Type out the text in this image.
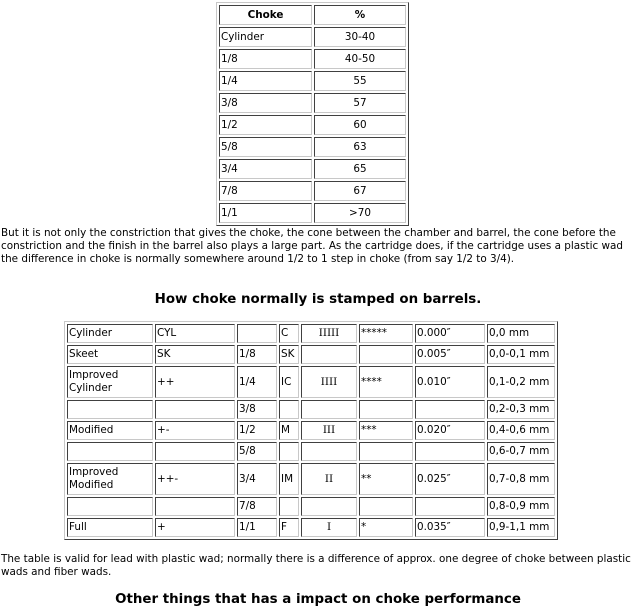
Choke	%
Cylinder	30-40
1/8	40-50
1/4	55
3/8	57
1/2	60
5/8	63
3/4	65
7/8	67
1/1	>70

But it is not only the constriction that gives the choke, the cone between the chamber and barrel, the cone before the constriction and the finish in the barrel also plays a large part. As the cartridge does, if the cartridge uses a plastic wad the difference in choke is normally somewhere around 1/2 to 1 step in choke (from say 1/2 to 3/4).

How choke normally is stamped on barrels.
Cylinder	CYL		C	IIIII	*****	0.000″	0,0 mm
Skeet	SK	1/8	SK			0.005″	0,0-0,1 mm
Improved Cylinder	++	1/4	IC	IIII	****	0.010″	0,1-0,2 mm
		3/8					0,2-0,3 mm
Modified	+-	1/2	M	III	***	0.020″	0,4-0,6 mm
		5/8					0,6-0,7 mm
Improved Modified	++-	3/4	IM	II	**	0.025″	0,7-0,8 mm
		7/8					0,8-0,9 mm
Full	+	1/1	F	I	*	0.035″	0,9-1,1 mm

The table is valid for lead with plastic wad; normally there is a difference of approx. one degree of choke between plastic wads and fiber wads.

Other things that has a impact on choke performance
